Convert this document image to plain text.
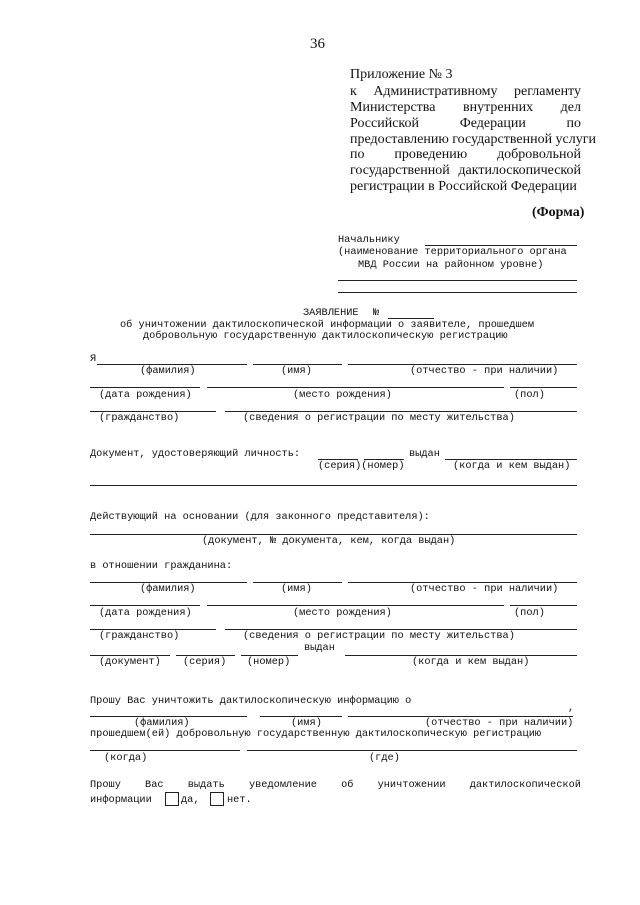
36
Приложение № 3
к Административному регламенту
Министерства внутренних дел
Российской	Федерации	по
предоставлению государственной услуги
по проведению добровольной
государственной дактилоскопической
регистрации в Российской Федерации
(Форма)
Начальнику
(наименование территориального органа
МВД России на районном уровне)
ЗАЯВЛЕНИЕ №
об уничтожении дактилоскопической информации о заявителе, прошедшем
добровольную государственную дактилоскопическую регистрацию
Я
(фамилия)	(имя)	(отчество - при наличии)
(дата рождения)	(место рождения)	(пол)
(гражданство)	(сведения о регистрации по месту жительства)
Документ, удостоверяющий личность:	выдан
(серия)(номер)	(когда и кем выдан)
Действующий на основании (для законного представителя):
(документ, № документа, кем, когда выдан)
в отношении гражданина:
(фамилия)	(имя)	(отчество - при наличии)
(дата рождения)	(место рождения)	(пол)
(гражданство)	(сведения о регистрации по месту жительства)
выдан
(документ) (серия) (номер)	(когда и кем выдан)
Прошу Вас уничтожить дактилоскопическую информацию о
,
(фамилия)	(имя)	(отчество - при наличии)
прошедшем(ей) добровольную государственную дактилоскопическую регистрацию
(когда)	(где)
Прошу Вас выдать уведомление об уничтожении дактилоскопической
информации	да,	нет.
